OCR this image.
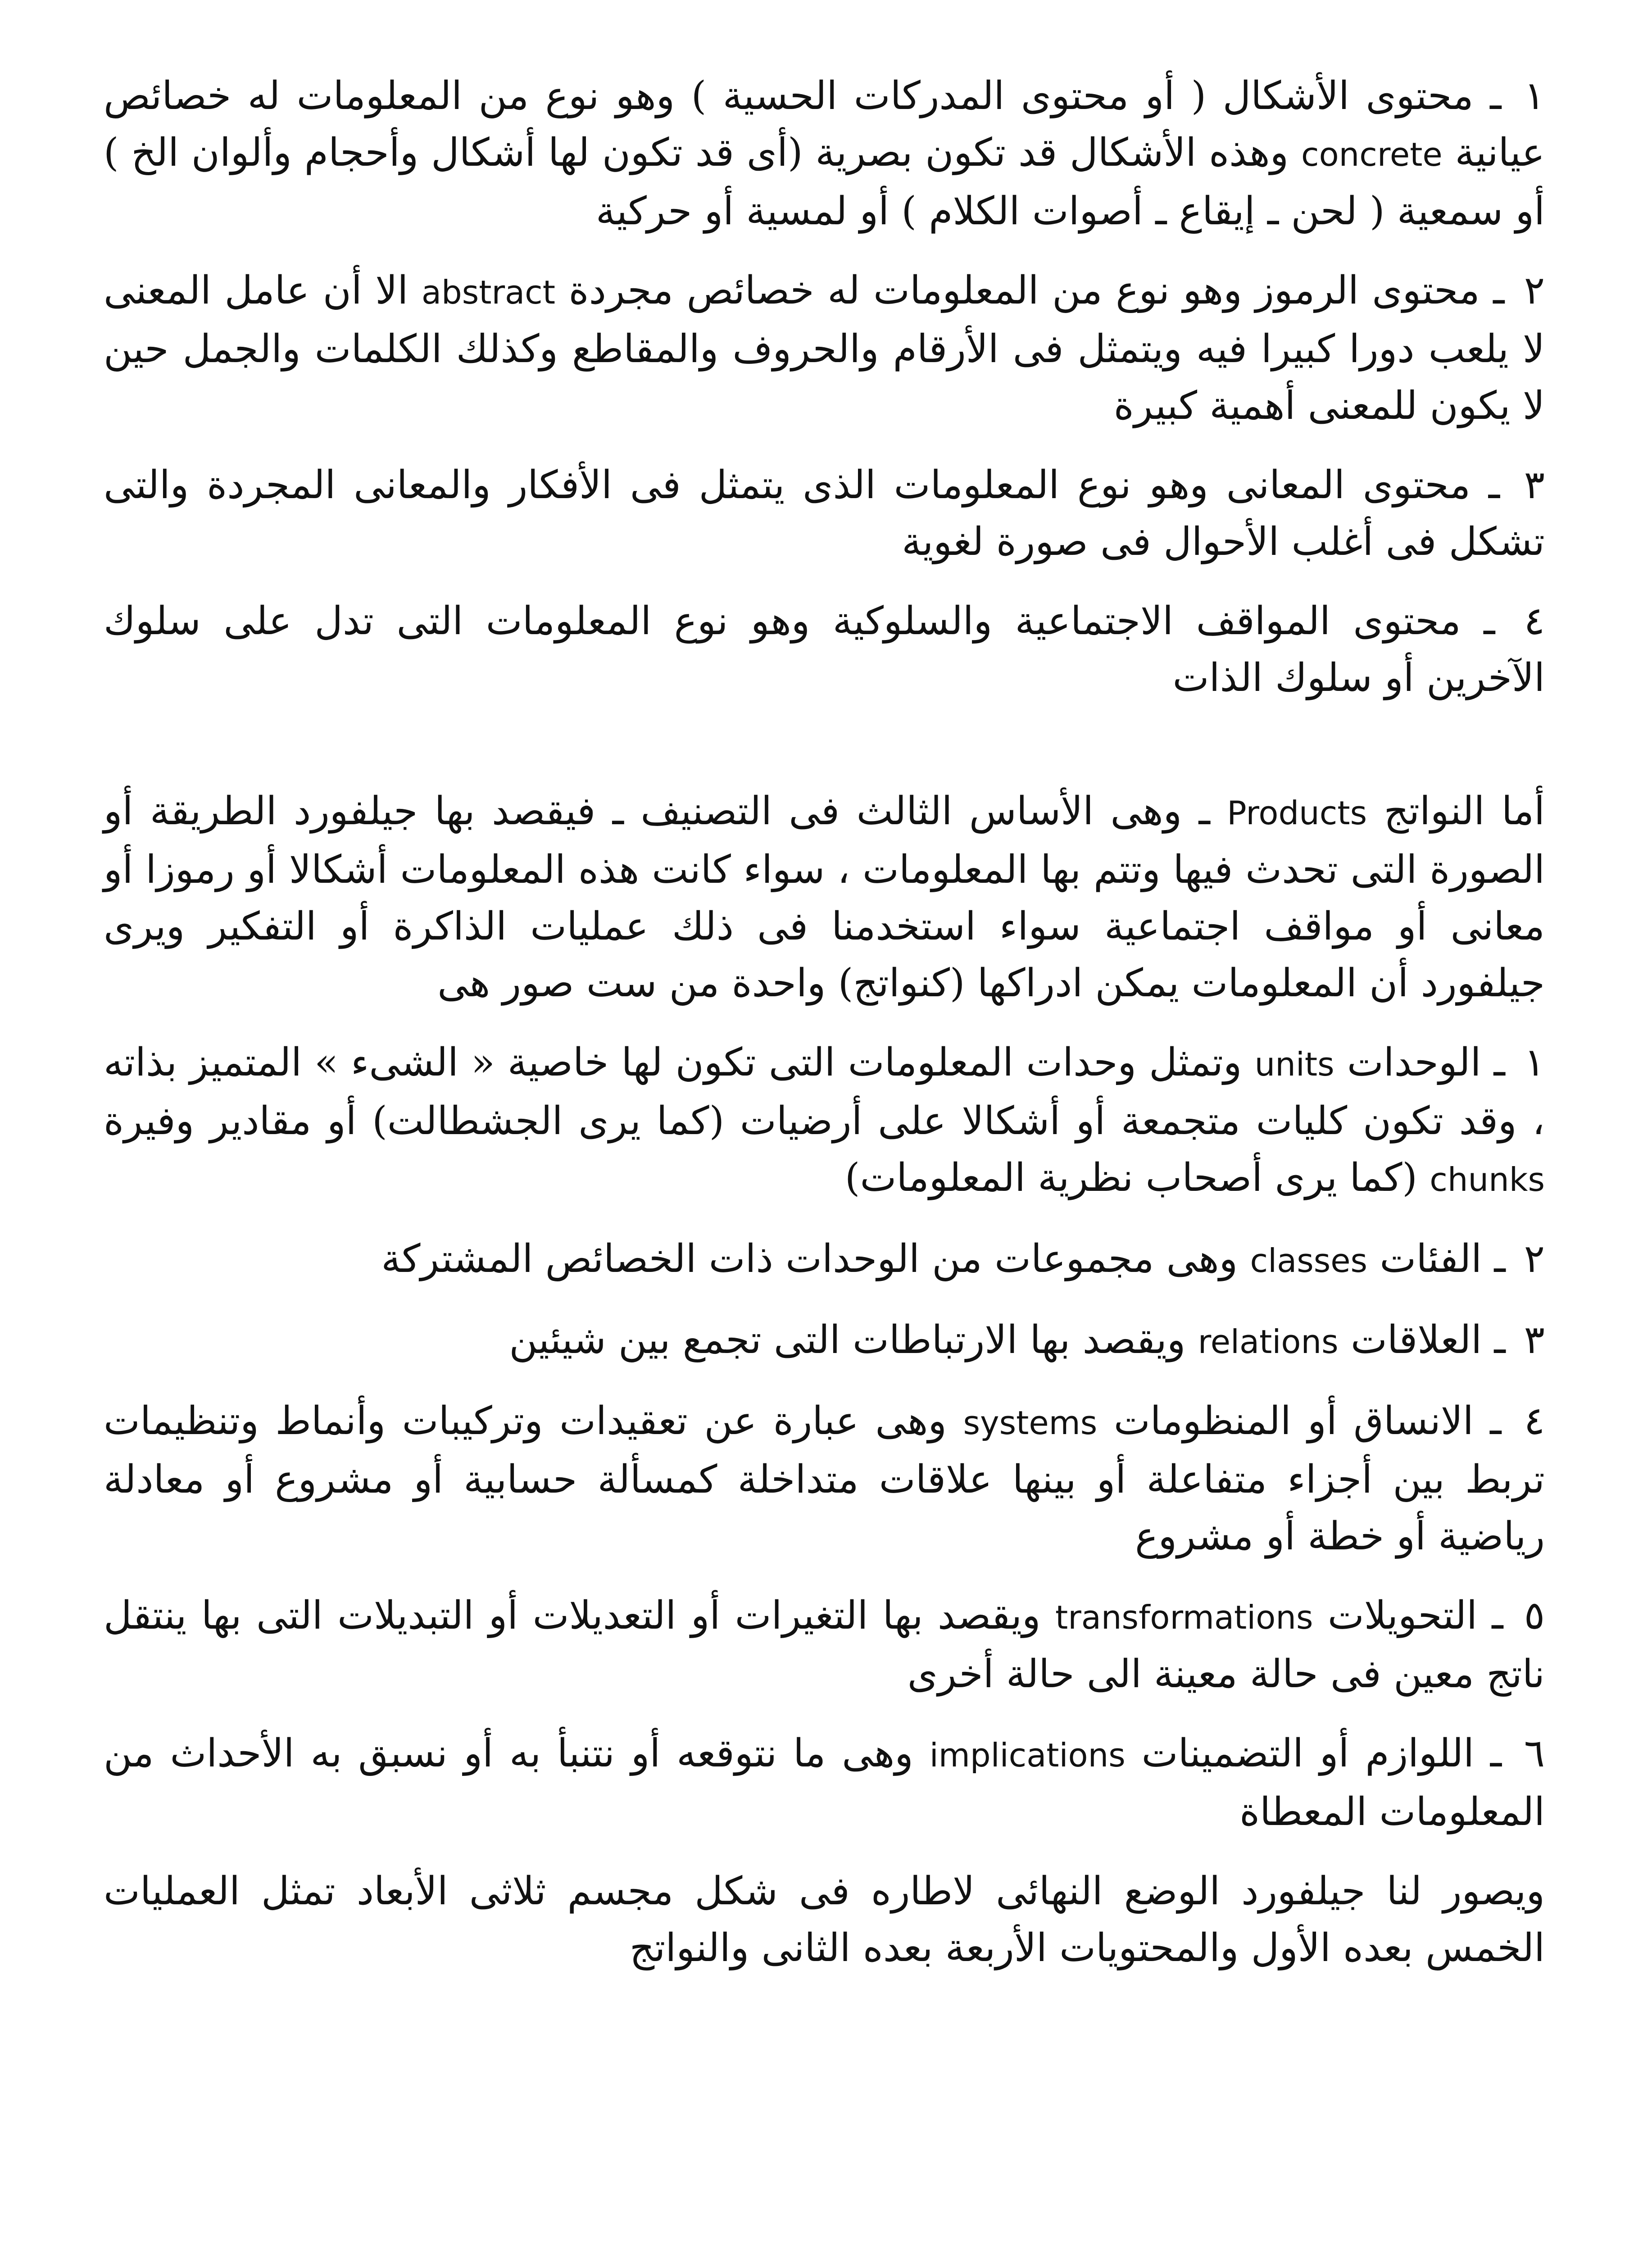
١ ـ محتوى الأشكال ( أو محتوى المدركات الحسية ) وهو نوع من المعلومات له خصائص عيانية concrete وهذه الأشكال قد تكون بصرية (أى قد تكون لها أشكال وأحجام وألوان الخ ) أو سمعية ( لحن ـ إيقاع ـ أصوات الكلام ) أو لمسية أو حركية

٢ ـ محتوى الرموز وهو نوع من المعلومات له خصائص مجردة abstract الا أن عامل المعنى لا يلعب دورا كبيرا فيه ويتمثل فى الأرقام والحروف والمقاطع وكذلك الكلمات والجمل حين لا يكون للمعنى أهمية كبيرة

٣ ـ محتوى المعانى وهو نوع المعلومات الذى يتمثل فى الأفكار والمعانى المجردة والتى تشكل فى أغلب الأحوال فى صورة لغوية

٤ ـ محتوى المواقف الاجتماعية والسلوكية وهو نوع المعلومات التى تدل على سلوك الآخرين أو سلوك الذات

أما النواتج Products ـ وهى الأساس الثالث فى التصنيف ـ فيقصد بها جيلفورد الطريقة أو الصورة التى تحدث فيها وتتم بها المعلومات ، سواء كانت هذه المعلومات أشكالا أو رموزا أو معانى أو مواقف اجتماعية سواء استخدمنا فى ذلك عمليات الذاكرة أو التفكير ويرى جيلفورد أن المعلومات يمكن ادراكها (كنواتج) واحدة من ست صور هى

١ ـ الوحدات units وتمثل وحدات المعلومات التى تكون لها خاصية « الشىء » المتميز بذاته ، وقد تكون كليات متجمعة أو أشكالا على أرضيات (كما يرى الجشطالت) أو مقادير وفيرة chunks (كما يرى أصحاب نظرية المعلومات)

٢ ـ الفئات classes وهى مجموعات من الوحدات ذات الخصائص المشتركة

٣ ـ العلاقات relations ويقصد بها الارتباطات التى تجمع بين شيئين

٤ ـ الانساق أو المنظومات systems وهى عبارة عن تعقيدات وتركيبات وأنماط وتنظيمات تربط بين أجزاء متفاعلة أو بينها علاقات متداخلة كمسألة حسابية أو مشروع أو معادلة رياضية أو خطة أو مشروع

٥ ـ التحويلات transformations ويقصد بها التغيرات أو التعديلات أو التبديلات التى بها ينتقل ناتج معين فى حالة معينة الى حالة أخرى

٦ ـ اللوازم أو التضمينات implications وهى ما نتوقعه أو نتنبأ به أو نسبق به الأحداث من المعلومات المعطاة

ويصور لنا جيلفورد الوضع النهائى لاطاره فى شكل مجسم ثلاثى الأبعاد تمثل العمليات الخمس بعده الأول والمحتويات الأربعة بعده الثانى والنواتج
